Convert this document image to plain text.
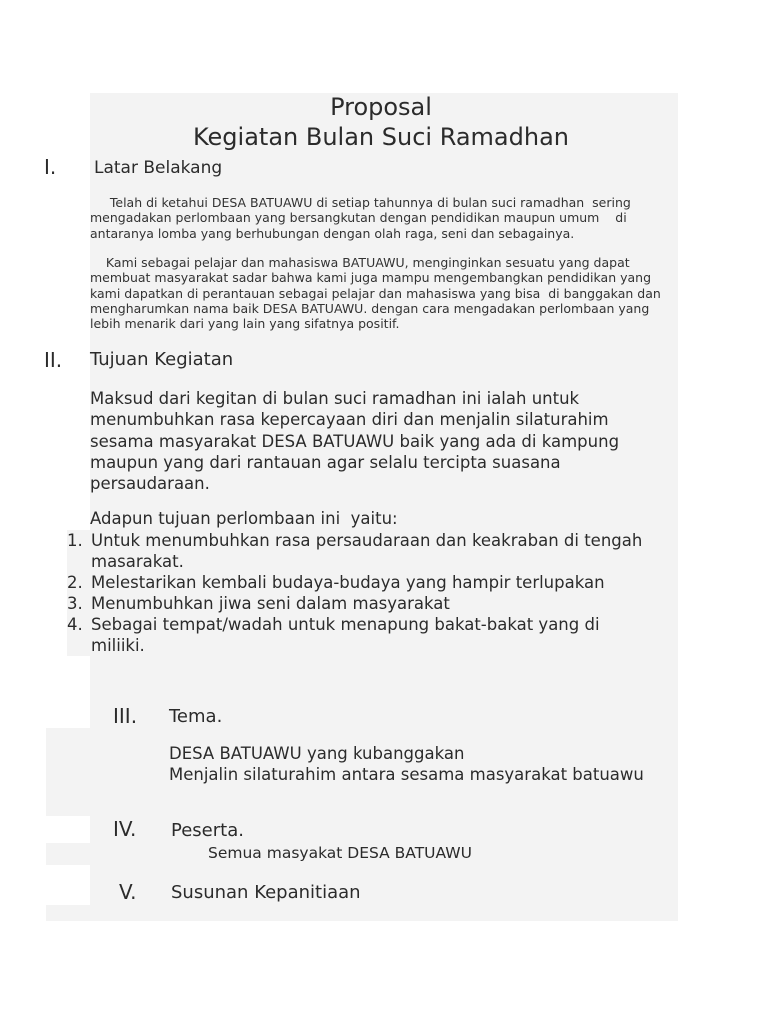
Proposal
Kegiatan Bulan Suci Ramadhan
I. Latar Belakang
Telah di ketahui DESA BATUAWU di setiap tahunnya di bulan suci ramadhan  sering mengadakan perlombaan yang bersangkutan dengan pendidikan maupun umum    di antaranya lomba yang berhubungan dengan olah raga, seni dan sebagainya.
Kami sebagai pelajar dan mahasiswa BATUAWU, menginginkan sesuatu yang dapat membuat masyarakat sadar bahwa kami juga mampu mengembangkan pendidikan yang kami dapatkan di perantauan sebagai pelajar dan mahasiswa yang bisa  di banggakan dan mengharumkan nama baik DESA BATUAWU. dengan cara mengadakan perlombaan yang lebih menarik dari yang lain yang sifatnya positif.
II. Tujuan Kegiatan
Maksud dari kegitan di bulan suci ramadhan ini ialah untuk menumbuhkan rasa kepercayaan diri dan menjalin silaturahim sesama masyarakat DESA BATUAWU baik yang ada di kampung maupun yang dari rantauan agar selalu tercipta suasana persaudaraan.
Adapun tujuan perlombaan ini  yaitu:
1. Untuk menumbuhkan rasa persaudaraan dan keakraban di tengah masarakat.
2. Melestarikan kembali budaya-budaya yang hampir terlupakan
3. Menumbuhkan jiwa seni dalam masyarakat
4. Sebagai tempat/wadah untuk menapung bakat-bakat yang di miliiki.
III. Tema.
DESA BATUAWU yang kubanggakan
Menjalin silaturahim antara sesama masyarakat batuawu
IV. Peserta.
Semua masyakat DESA BATUAWU
V. Susunan Kepanitiaan
